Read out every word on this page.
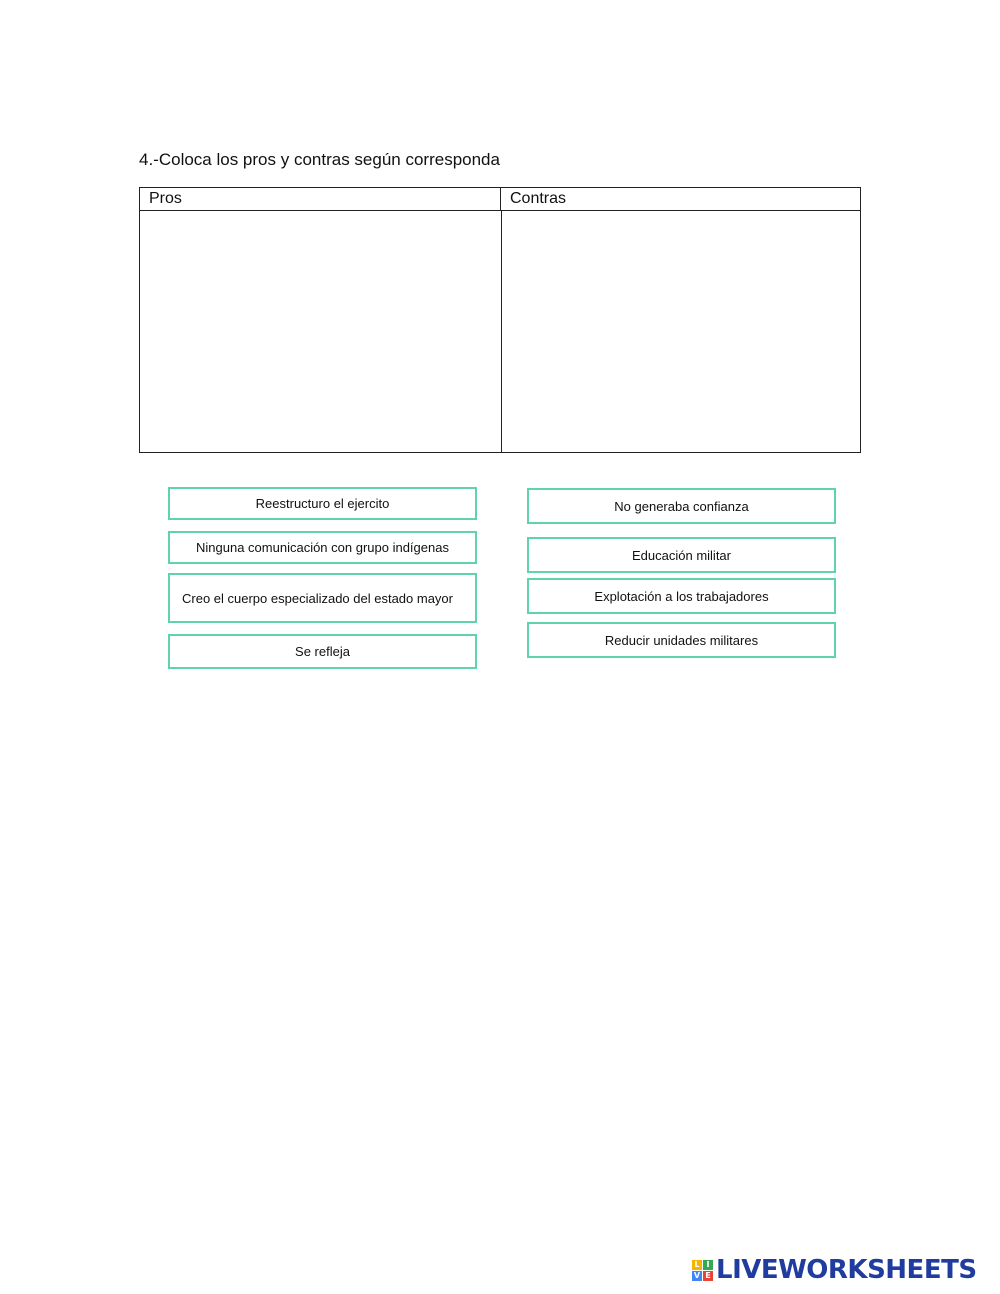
4.-Coloca los pros y contras según corresponda
Pros	Contras
Reestructuro el ejercito
Ninguna comunicación con grupo indígenas
Creo el cuerpo especializado del estado mayor
Se refleja
No generaba confianza
Educación militar
Explotación a los trabajadores
Reducir unidades militares
L I
V E LIVEWORKSHEETS
